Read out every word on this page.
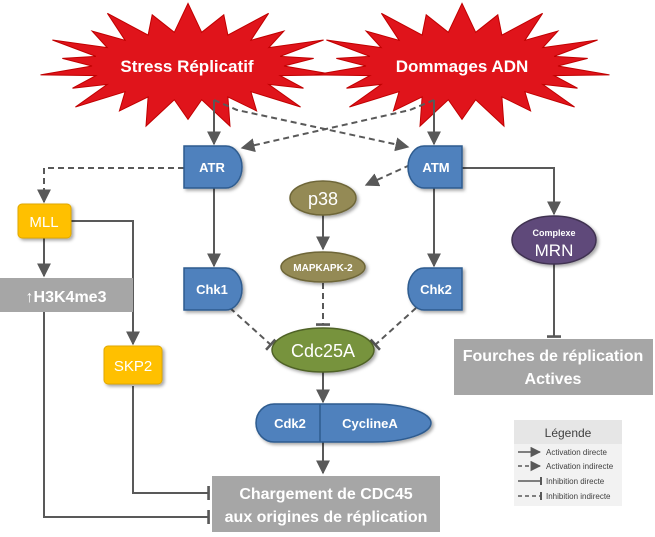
Stress Réplicatif	Dommages ADN
ATR	ATM
Chk1	Chk2
p38
MAPKAPK-2
Cdc25A
Cdk2	CyclineA
MLL
↑H3K4me3
SKP2
Complexe
MRN
Fourches de réplication
Actives
Chargement de CDC45
aux origines de réplication
Légende
Activation directe
Activation indirecte
Inhibition directe
Inhibition indirecte
